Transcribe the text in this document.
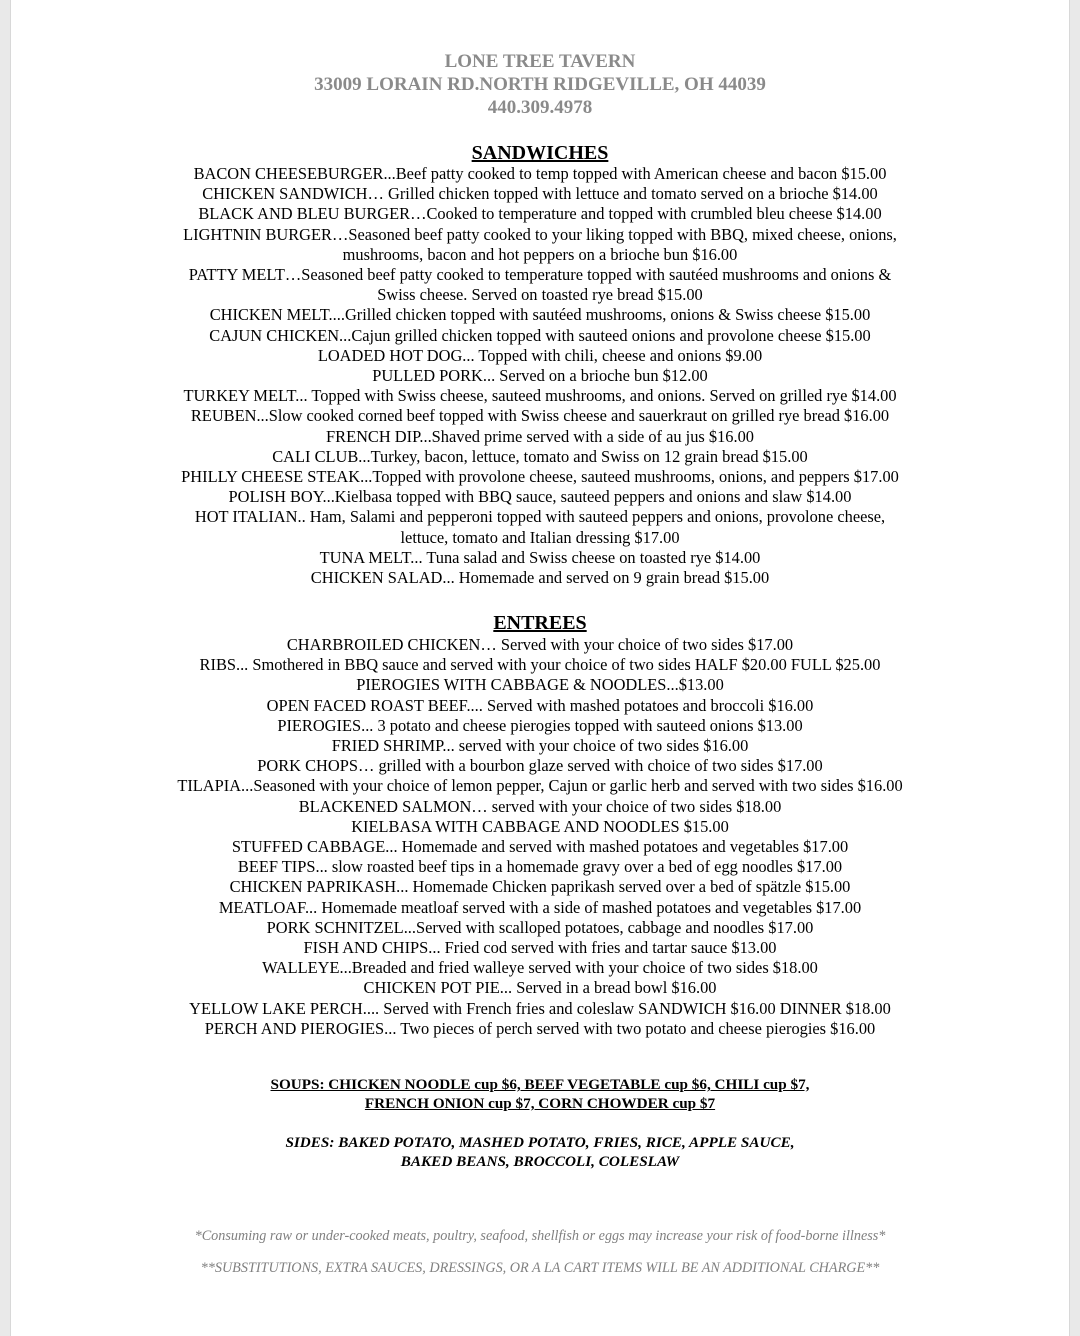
LONE TREE TAVERN
33009 LORAIN RD.NORTH RIDGEVILLE, OH 44039
440.309.4978
SANDWICHES
BACON CHEESEBURGER...Beef patty cooked to temp topped with American cheese and bacon $15.00
CHICKEN SANDWICH… Grilled chicken topped with lettuce and tomato served on a brioche $14.00
BLACK AND BLEU BURGER…Cooked to temperature and topped with crumbled bleu cheese $14.00
LIGHTNIN BURGER…Seasoned beef patty cooked to your liking topped with BBQ, mixed cheese, onions,
mushrooms, bacon and hot peppers on a brioche bun $16.00
PATTY MELT…Seasoned beef patty cooked to temperature topped with sautéed mushrooms and onions &
Swiss cheese. Served on toasted rye bread $15.00
CHICKEN MELT....Grilled chicken topped with sautéed mushrooms, onions & Swiss cheese $15.00
CAJUN CHICKEN...Cajun grilled chicken topped with sauteed onions and provolone cheese $15.00
LOADED HOT DOG... Topped with chili, cheese and onions $9.00
PULLED PORK... Served on a brioche bun $12.00
TURKEY MELT... Topped with Swiss cheese, sauteed mushrooms, and onions. Served on grilled rye $14.00
REUBEN...Slow cooked corned beef topped with Swiss cheese and sauerkraut on grilled rye bread $16.00
FRENCH DIP...Shaved prime served with a side of au jus $16.00
CALI CLUB...Turkey, bacon, lettuce, tomato and Swiss on 12 grain bread $15.00
PHILLY CHEESE STEAK...Topped with provolone cheese, sauteed mushrooms, onions, and peppers $17.00
POLISH BOY...Kielbasa topped with BBQ sauce, sauteed peppers and onions and slaw $14.00
HOT ITALIAN.. Ham, Salami and pepperoni topped with sauteed peppers and onions, provolone cheese,
lettuce, tomato and Italian dressing $17.00
TUNA MELT... Tuna salad and Swiss cheese on toasted rye $14.00
CHICKEN SALAD... Homemade and served on 9 grain bread $15.00
ENTREES
CHARBROILED CHICKEN… Served with your choice of two sides $17.00
RIBS... Smothered in BBQ sauce and served with your choice of two sides HALF $20.00 FULL $25.00
PIEROGIES WITH CABBAGE & NOODLES...$13.00
OPEN FACED ROAST BEEF.... Served with mashed potatoes and broccoli $16.00
PIEROGIES... 3 potato and cheese pierogies topped with sauteed onions $13.00
FRIED SHRIMP... served with your choice of two sides $16.00
PORK CHOPS… grilled with a bourbon glaze served with choice of two sides $17.00
TILAPIA...Seasoned with your choice of lemon pepper, Cajun or garlic herb and served with two sides $16.00
BLACKENED SALMON… served with your choice of two sides $18.00
KIELBASA WITH CABBAGE AND NOODLES $15.00
STUFFED CABBAGE... Homemade and served with mashed potatoes and vegetables $17.00
BEEF TIPS... slow roasted beef tips in a homemade gravy over a bed of egg noodles $17.00
CHICKEN PAPRIKASH... Homemade Chicken paprikash served over a bed of spätzle $15.00
MEATLOAF... Homemade meatloaf served with a side of mashed potatoes and vegetables $17.00
PORK SCHNITZEL...Served with scalloped potatoes, cabbage and noodles $17.00
FISH AND CHIPS... Fried cod served with fries and tartar sauce $13.00
WALLEYE...Breaded and fried walleye served with your choice of two sides $18.00
CHICKEN POT PIE... Served in a bread bowl $16.00
YELLOW LAKE PERCH.... Served with French fries and coleslaw SANDWICH $16.00 DINNER $18.00
PERCH AND PIEROGIES... Two pieces of perch served with two potato and cheese pierogies $16.00
SOUPS: CHICKEN NOODLE cup $6, BEEF VEGETABLE cup $6, CHILI cup $7,
FRENCH ONION cup $7, CORN CHOWDER cup $7
SIDES: BAKED POTATO, MASHED POTATO, FRIES, RICE, APPLE SAUCE,
BAKED BEANS, BROCCOLI, COLESLAW
*Consuming raw or under-cooked meats, poultry, seafood, shellfish or eggs may increase your risk of food-borne illness*
**SUBSTITUTIONS, EXTRA SAUCES, DRESSINGS, OR A LA CART ITEMS WILL BE AN ADDITIONAL CHARGE**
